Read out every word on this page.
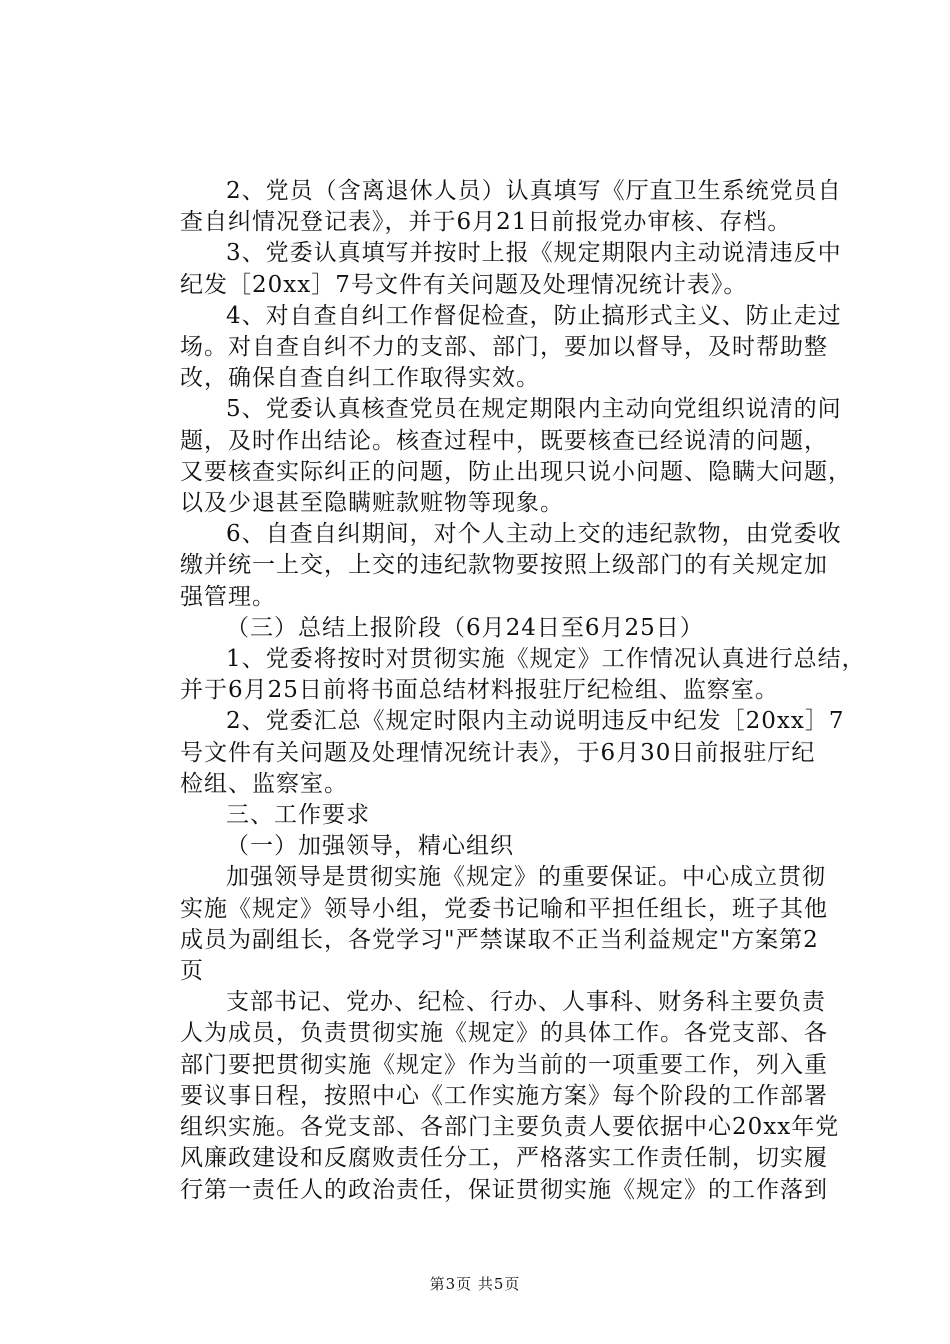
2、党员（含离退休人员）认真填写《厅直卫生系统党员自
查自纠情况登记表》，并于6月21日前报党办审核、存档。
3、党委认真填写并按时上报《规定期限内主动说清违反中
纪发［20xx］7号文件有关问题及处理情况统计表》。
4、对自查自纠工作督促检查，防止搞形式主义、防止走过
场。对自查自纠不力的支部、部门，要加以督导，及时帮助整
改，确保自查自纠工作取得实效。
5、党委认真核查党员在规定期限内主动向党组织说清的问
题，及时作出结论。核查过程中，既要核查已经说清的问题，
又要核查实际纠正的问题，防止出现只说小问题、隐瞒大问题，
以及少退甚至隐瞒赃款赃物等现象。
6、自查自纠期间，对个人主动上交的违纪款物，由党委收
缴并统一上交，上交的违纪款物要按照上级部门的有关规定加
强管理。
（三）总结上报阶段（6月24日至6月25日）
1、党委将按时对贯彻实施《规定》工作情况认真进行总结，
并于6月25日前将书面总结材料报驻厅纪检组、监察室。
2、党委汇总《规定时限内主动说明违反中纪发［20xx］7
号文件有关问题及处理情况统计表》，于6月30日前报驻厅纪
检组、监察室。
三、工作要求
（一）加强领导，精心组织
加强领导是贯彻实施《规定》的重要保证。中心成立贯彻
实施《规定》领导小组，党委书记喻和平担任组长，班子其他
成员为副组长，各党学习"严禁谋取不正当利益规定"方案第2
页
支部书记、党办、纪检、行办、人事科、财务科主要负责
人为成员，负责贯彻实施《规定》的具体工作。各党支部、各
部门要把贯彻实施《规定》作为当前的一项重要工作，列入重
要议事日程，按照中心《工作实施方案》每个阶段的工作部署
组织实施。各党支部、各部门主要负责人要依据中心20xx年党
风廉政建设和反腐败责任分工，严格落实工作责任制，切实履
行第一责任人的政治责任，保证贯彻实施《规定》的工作落到
第3页 共5页
